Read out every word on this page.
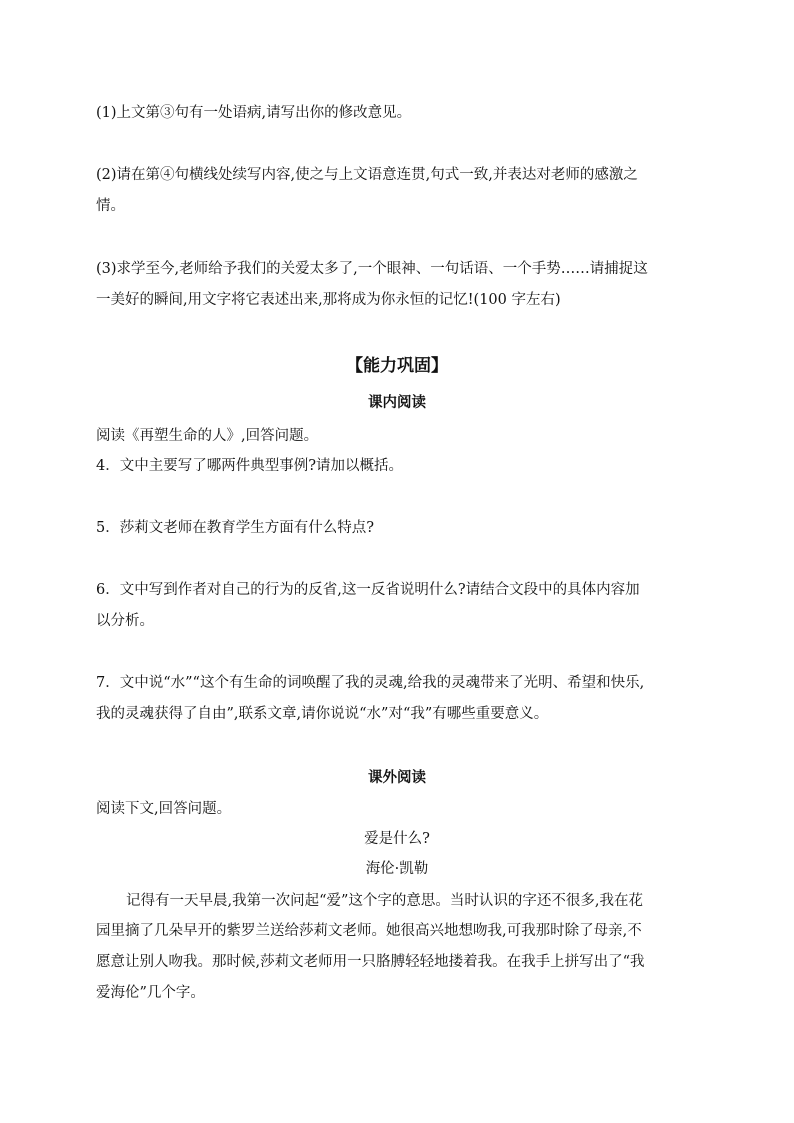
(1)上文第③句有一处语病,请写出你的修改意见。
(2)请在第④句横线处续写内容,使之与上文语意连贯,句式一致,并表达对老师的感激之
情。
(3)求学至今,老师给予我们的关爱太多了,一个眼神、一句话语、一个手势……请捕捉这
一美好的瞬间,用文字将它表述出来,那将成为你永恒的记忆!(100 字左右)
【能力巩固】
课内阅读
阅读《再塑生命的人》,回答问题。
4．文中主要写了哪两件典型事例?请加以概括。
5．莎莉文老师在教育学生方面有什么特点?
6．文中写到作者对自己的行为的反省,这一反省说明什么?请结合文段中的具体内容加
以分析。
7．文中说“水”“这个有生命的词唤醒了我的灵魂,给我的灵魂带来了光明、希望和快乐,
我的灵魂获得了自由”,联系文章,请你说说“水”对“我”有哪些重要意义。
课外阅读
阅读下文,回答问题。
爱是什么?
海伦·凯勒
记得有一天早晨,我第一次问起“爱”这个字的意思。当时认识的字还不很多,我在花
园里摘了几朵早开的紫罗兰送给莎莉文老师。她很高兴地想吻我,可我那时除了母亲,不
愿意让别人吻我。那时候,莎莉文老师用一只胳膊轻轻地搂着我。在我手上拼写出了“我
爱海伦”几个字。
